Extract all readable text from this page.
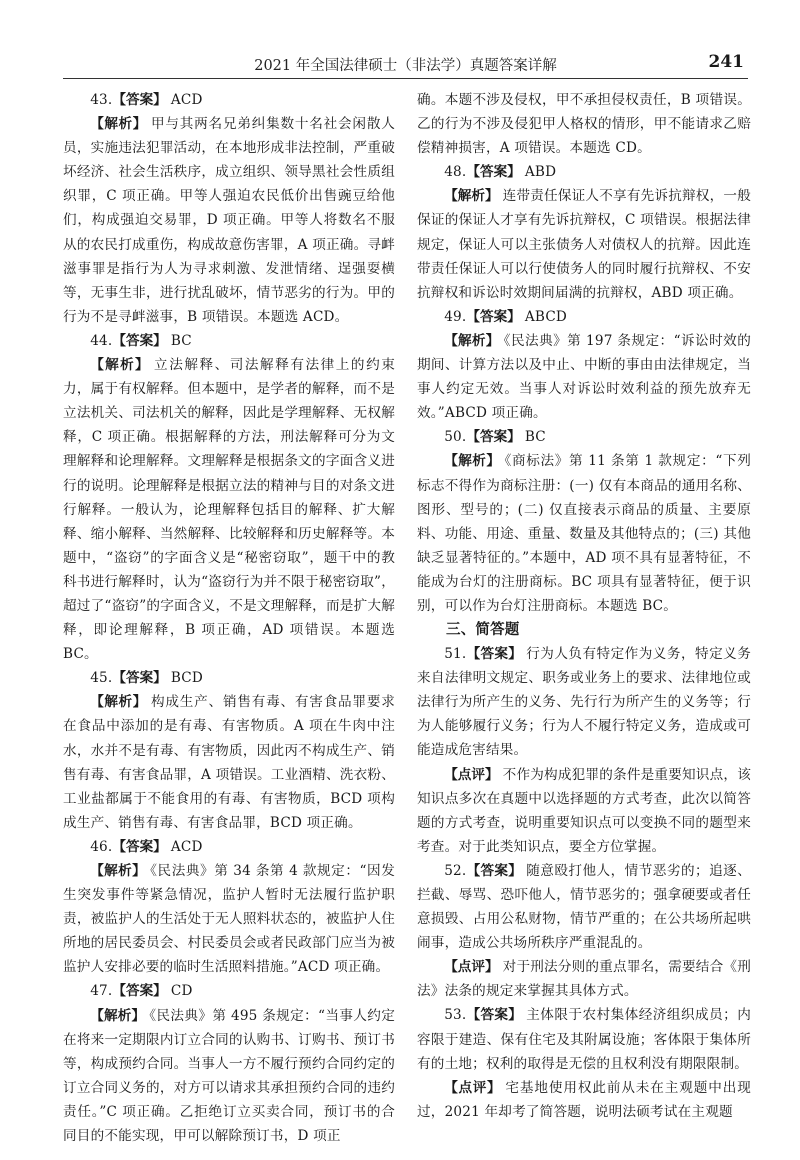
2021 年全国法律硕士（非法学）真题答案详解	241

43.【答案】 ACD

【解析】 甲与其两名兄弟纠集数十名社会闲散人员，实施违法犯罪活动，在本地形成非法控制，严重破坏经济、社会生活秩序，成立组织、领导黑社会性质组织罪，C 项正确。甲等人强迫农民低价出售豌豆给他们，构成强迫交易罪，D 项正确。甲等人将数名不服从的农民打成重伤，构成故意伤害罪，A 项正确。寻衅滋事罪是指行为人为寻求刺激、发泄情绪、逞强耍横等，无事生非，进行扰乱破坏，情节恶劣的行为。甲的行为不是寻衅滋事，B 项错误。本题选 ACD。

44.【答案】 BC

【解析】 立法解释、司法解释有法律上的约束力，属于有权解释。但本题中，是学者的解释，而不是立法机关、司法机关的解释，因此是学理解释、无权解释，C 项正确。根据解释的方法，刑法解释可分为文理解释和论理解释。文理解释是根据条文的字面含义进行的说明。论理解释是根据立法的精神与目的对条文进行解释。一般认为，论理解释包括目的解释、扩大解释、缩小解释、当然解释、比较解释和历史解释等。本题中，“盗窃”的字面含义是“秘密窃取”，题干中的教科书进行解释时，认为“盗窃行为并不限于秘密窃取”，超过了“盗窃”的字面含义，不是文理解释，而是扩大解释，即论理解释，B 项正确，AD 项错误。本题选 BC。

45.【答案】 BCD

【解析】 构成生产、销售有毒、有害食品罪要求在食品中添加的是有毒、有害物质。A 项在牛肉中注水，水并不是有毒、有害物质，因此丙不构成生产、销售有毒、有害食品罪，A 项错误。工业酒精、洗衣粉、工业盐都属于不能食用的有毒、有害物质，BCD 项构成生产、销售有毒、有害食品罪，BCD 项正确。

46.【答案】 ACD

【解析】 《民法典》第 34 条第 4 款规定：“因发生突发事件等紧急情况，监护人暂时无法履行监护职责，被监护人的生活处于无人照料状态的，被监护人住所地的居民委员会、村民委员会或者民政部门应当为被监护人安排必要的临时生活照料措施。”ACD 项正确。

47.【答案】 CD

【解析】 《民法典》第 495 条规定：“当事人约定在将来一定期限内订立合同的认购书、订购书、预订书等，构成预约合同。当事人一方不履行预约合同约定的订立合同义务的，对方可以请求其承担预约合同的违约责任。”C 项正确。乙拒绝订立买卖合同，预订书的合同目的不能实现，甲可以解除预订书，D 项正

确。本题不涉及侵权，甲不承担侵权责任，B 项错误。乙的行为不涉及侵犯甲人格权的情形，甲不能请求乙赔偿精神损害，A 项错误。本题选 CD。

48.【答案】 ABD

【解析】 连带责任保证人不享有先诉抗辩权，一般保证的保证人才享有先诉抗辩权，C 项错误。根据法律规定，保证人可以主张债务人对债权人的抗辩。因此连带责任保证人可以行使债务人的同时履行抗辩权、不安抗辩权和诉讼时效期间届满的抗辩权，ABD 项正确。

49.【答案】 ABCD

【解析】 《民法典》第 197 条规定：“诉讼时效的期间、计算方法以及中止、中断的事由由法律规定，当事人约定无效。当事人对诉讼时效利益的预先放弃无效。”ABCD 项正确。

50.【答案】 BC

【解析】 《商标法》第 11 条第 1 款规定：“下列标志不得作为商标注册：(一) 仅有本商品的通用名称、图形、型号的；(二) 仅直接表示商品的质量、主要原料、功能、用途、重量、数量及其他特点的；(三) 其他缺乏显著特征的。”本题中，AD 项不具有显著特征，不能成为台灯的注册商标。BC 项具有显著特征，便于识别，可以作为台灯注册商标。本题选 BC。

三、简答题

51.【答案】 行为人负有特定作为义务，特定义务来自法律明文规定、职务或业务上的要求、法律地位或法律行为所产生的义务、先行行为所产生的义务等；行为人能够履行义务；行为人不履行特定义务，造成或可能造成危害结果。

【点评】 不作为构成犯罪的条件是重要知识点，该知识点多次在真题中以选择题的方式考查，此次以简答题的方式考查，说明重要知识点可以变换不同的题型来考查。对于此类知识点，要全方位掌握。

52.【答案】 随意殴打他人，情节恶劣的；追逐、拦截、辱骂、恐吓他人，情节恶劣的；强拿硬要或者任意损毁、占用公私财物，情节严重的；在公共场所起哄闹事，造成公共场所秩序严重混乱的。

【点评】 对于刑法分则的重点罪名，需要结合《刑法》法条的规定来掌握其具体方式。

53.【答案】 主体限于农村集体经济组织成员；内容限于建造、保有住宅及其附属设施；客体限于集体所有的土地；权利的取得是无偿的且权利没有期限限制。

【点评】 宅基地使用权此前从未在主观题中出现过，2021 年却考了简答题，说明法硕考试在主观题
